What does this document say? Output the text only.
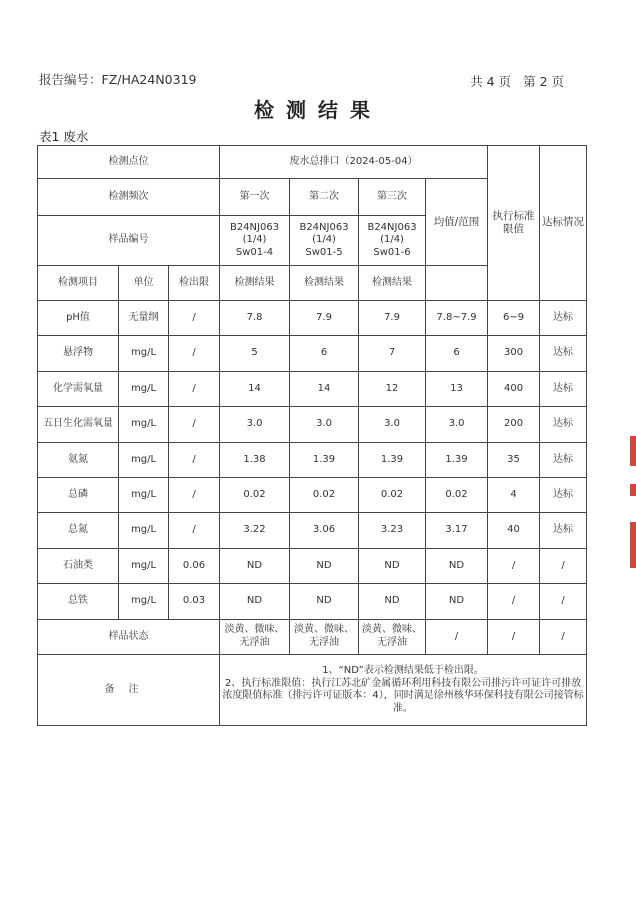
报告编号：FZ/HA24N0319	共 4 页 第 2 页
检测结果
表1 废水
检测点位			废水总排口（2024-05-04）				执行标准限值	达标情况
检测频次			第一次	第二次	第三次	均值/范围		
样品编号			B24NJ063
(1/4)
Sw01-4	B24NJ063
(1/4)
Sw01-5	B24NJ063
(1/4)
Sw01-6			
检测项目	单位	检出限	检测结果	检测结果	检测结果			
pH值	无量纲	/	7.8	7.9	7.9	7.8~7.9	6~9	达标
悬浮物	mg/L	/	5	6	7	6	300	达标
化学需氧量	mg/L	/	14	14	12	13	400	达标
五日生化需氧量	mg/L	/	3.0	3.0	3.0	3.0	200	达标
氨氮	mg/L	/	1.38	1.39	1.39	1.39	35	达标
总磷	mg/L	/	0.02	0.02	0.02	0.02	4	达标
总氮	mg/L	/	3.22	3.06	3.23	3.17	40	达标
石油类	mg/L	0.06	ND	ND	ND	ND	/	/
总铁	mg/L	0.03	ND	ND	ND	ND	/	/
样品状态			淡黄、微味、
无浮油	淡黄、微味、
无浮油	淡黄、微味、
无浮油	/	/	/
备注			1、“ND”表示检测结果低于检出限。
2、执行标准限值：执行江苏北矿金属循环利用科技有限公司排污许可证许可排放浓度限值标准（排污许可证版本：4），同时满足徐州核华环保科技有限公司接管标准。					
